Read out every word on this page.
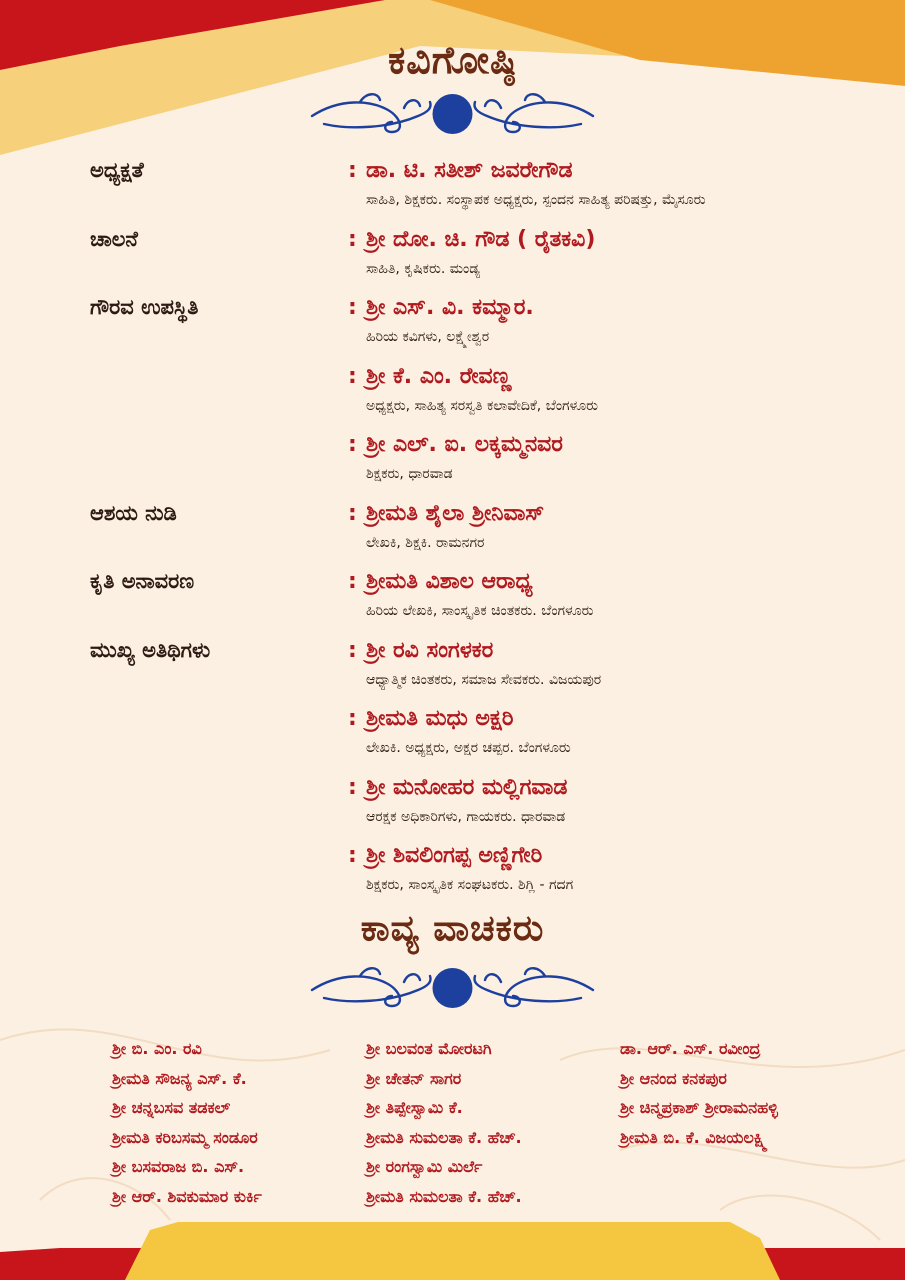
ಕವಿಗೋಷ್ಠಿ
ಅಧ್ಯಕ್ಷತೆ	: ಡಾ. ಟಿ. ಸತೀಶ್ ಜವರೇಗೌಡ
ಸಾಹಿತಿ, ಶಿಕ್ಷಕರು. ಸಂಸ್ಥಾಪಕ ಅಧ್ಯಕ್ಷರು, ಸ್ಪಂದನ ಸಾಹಿತ್ಯ ಪರಿಷತ್ತು, ಮೈಸೂರು
ಚಾಲನೆ	: ಶ್ರೀ ದೋ. ಚಿ. ಗೌಡ ( ರೈತಕವಿ)
ಸಾಹಿತಿ, ಕೃಷಿಕರು. ಮಂಡ್ಯ
ಗೌರವ ಉಪಸ್ಥಿತಿ	: ಶ್ರೀ ಎಸ್. ವಿ. ಕಮ್ಮಾರ.
ಹಿರಿಯ ಕವಿಗಳು, ಲಕ್ಷ್ಮೇಶ್ವರ
: ಶ್ರೀ ಕೆ. ಎಂ. ರೇವಣ್ಣ
ಅಧ್ಯಕ್ಷರು, ಸಾಹಿತ್ಯ ಸರಸ್ವತಿ ಕಲಾವೇದಿಕೆ, ಬೆಂಗಳೂರು
: ಶ್ರೀ ಎಲ್. ಐ. ಲಕ್ಕಮ್ಮನವರ
ಶಿಕ್ಷಕರು, ಧಾರವಾಡ
ಆಶಯ ನುಡಿ	: ಶ್ರೀಮತಿ ಶೈಲಾ ಶ್ರೀನಿವಾಸ್
ಲೇಖಕಿ, ಶಿಕ್ಷಕಿ. ರಾಮನಗರ
ಕೃತಿ ಅನಾವರಣ	: ಶ್ರೀಮತಿ ವಿಶಾಲ ಆರಾಧ್ಯ
ಹಿರಿಯ ಲೇಖಕಿ, ಸಾಂಸ್ಕೃತಿಕ ಚಿಂತಕರು. ಬೆಂಗಳೂರು
ಮುಖ್ಯ ಅತಿಥಿಗಳು	: ಶ್ರೀ ರವಿ ಸಂಗಳಕರ
ಆಧ್ಯಾತ್ಮಿಕ ಚಿಂತಕರು, ಸಮಾಜ ಸೇವಕರು. ವಿಜಯಪುರ
: ಶ್ರೀಮತಿ ಮಧು ಅಕ್ಷರಿ
ಲೇಖಕಿ. ಅಧ್ಯಕ್ಷರು, ಅಕ್ಷರ ಚಪ್ಪರ. ಬೆಂಗಳೂರು
: ಶ್ರೀ ಮನೋಹರ ಮಲ್ಲಿಗವಾಡ
ಆರಕ್ಷಕ ಅಧಿಕಾರಿಗಳು, ಗಾಯಕರು. ಧಾರವಾಡ
: ಶ್ರೀ ಶಿವಲಿಂಗಪ್ಪ ಅಣ್ಣಿಗೇರಿ
ಶಿಕ್ಷಕರು, ಸಾಂಸ್ಕೃತಿಕ ಸಂಘಟಕರು. ಶಿಗ್ಲಿ - ಗದಗ
ಕಾವ್ಯ ವಾಚಕರು
ಶ್ರೀ ಬಿ. ಎಂ. ರವಿ
ಶ್ರೀಮತಿ ಸೌಜನ್ಯ ಎಸ್. ಕೆ.
ಶ್ರೀ ಚನ್ನಬಸವ ತಡಕಲ್
ಶ್ರೀಮತಿ ಕರಿಬಸಮ್ಮ ಸಂಡೂರ
ಶ್ರೀ ಬಸವರಾಜ ಬಿ. ಎಸ್.
ಶ್ರೀ ಆರ್. ಶಿವಕುಮಾರ ಕುರ್ಕಿ
ಶ್ರೀ ಬಲವಂತ ಮೋರಟಗಿ
ಶ್ರೀ ಚೇತನ್ ಸಾಗರ
ಶ್ರೀ ತಿಪ್ಪೇಸ್ವಾಮಿ ಕೆ.
ಶ್ರೀಮತಿ ಸುಮಲತಾ ಕೆ. ಹೆಚ್.
ಶ್ರೀ ರಂಗಸ್ವಾಮಿ ಮಿರ್ಲೆ
ಶ್ರೀಮತಿ ಸುಮಲತಾ ಕೆ. ಹೆಚ್.
ಡಾ. ಆರ್. ಎಸ್. ರವೀಂದ್ರ
ಶ್ರೀ ಆನಂದ ಕನಕಪುರ
ಶ್ರೀ ಚಿನ್ಮಪ್ರಕಾಶ್ ಶ್ರೀರಾಮನಹಳ್ಳಿ
ಶ್ರೀಮತಿ ಬಿ. ಕೆ. ವಿಜಯಲಕ್ಷ್ಮಿ
